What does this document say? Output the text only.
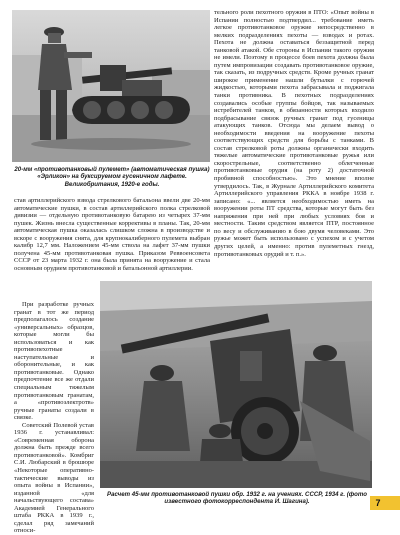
20-мм «противотанковый пулемет» (автоматическая пушка) «Эрликон» на буксируемом гусеничном лафете. Великобритания, 1920-е годы.

тельного роли пехотного оружия в ПТО: «Опыт войны в Испании полностью подтвердил... требование иметь легкое противотанковое оружие непосредственно в мелких подразделениях пехоты — взводах и ротах. Пехота не должна оставаться беззащитной перед танковой атакой. Обе стороны в Испании такого оружия не имели. Поэтому в процессе боев пехота должна была путем импровизации создавать противотанковое оружие, так сказать, из подручных средств. Кроме ручных гранат широкое применение нашли бутылки с горючей жидкостью, которыми пехота забрасывала и поджигала танки противника. В пехотных подразделениях создавались особые группы бойцов, так называемых истребителей танков, в обязанности которых входило подбрасывание связок ручных гранат под гусеницы атакующих танков. Отсюда мы делаем вывод о необходимости введения на вооружение пехоты соответствующих средств для борьбы с танками. В состав стрелковой роты должны органически входить тяжелые автоматические противотанковые ружья или скорострельные, соответственно облегченные противотанковые орудия (на роту 2) достаточной пробивной способностью». Это мнение вполне утвердилось. Так, в Журнале Артиллерийского комитета Артиллерийского управления РККА в ноябре 1938 г. записано: «... является необходимостью иметь на вооружении роты ПТ средства, которые могут быть без напряжения при ней при любых условиях боя и местности. Таким средством является ПТР, постоянное по весу и обслуживанию в бою двумя человеками. Это ружье может быть использовано с успехом и с учетом других целей, а именно: против пулеметных гнезд, противотанковых орудий и т. п.».

став артиллерийского взвода стрелкового батальона ввели две 20-мм автоматические пушки, в состав артиллерийского полка стрелковой дивизии — отдельную противотанковую батарею из четырех 37-мм пушек. Жизнь внесла существенные коррективы в планы. Так, 20-мм автоматическая пушка оказалась слишком сложна в производстве и вскоре с вооружения снята, для крупнокалиберного пулемета выбран калибр 12,7 мм. Наложением 45-мм ствола на лафет 37-мм пушки получена 45-мм противотанковая пушка. Приказом Реввоенсовета СССР от 23 марта 1932 г. она была принята на вооружение и стала основным орудием противотанковой и батальонной артиллерии.

При разработке ручных гранат в тот же период предполагалось создание «универсальных» образцов, которые могли бы использоваться и как противопехотные наступательные и оборонительные, и как противотанковые. Однако предпочтение все же отдали специальным тяжелым противотанковым гранатам, а «противоэлектротв» ручные гранаты создали в связке.

Советский Полевой устав 1936 г. устанавливал: «Современная оборона должна быть прежде всего противотанковой». Комбриг С.И. Любарский в брошюре «Некоторые оперативно-тактические выводы из опыта войны в Испании», изданной «для начальствующего состава» Академией Генерального штаба РККА в 1939 г., сделал ряд замечаний относи-

Расчет 45-мм противотанковой пушки обр. 1932 г. на учениях. СССР, 1934 г. (фото известного фотокорреспондента И. Шагина).	7
